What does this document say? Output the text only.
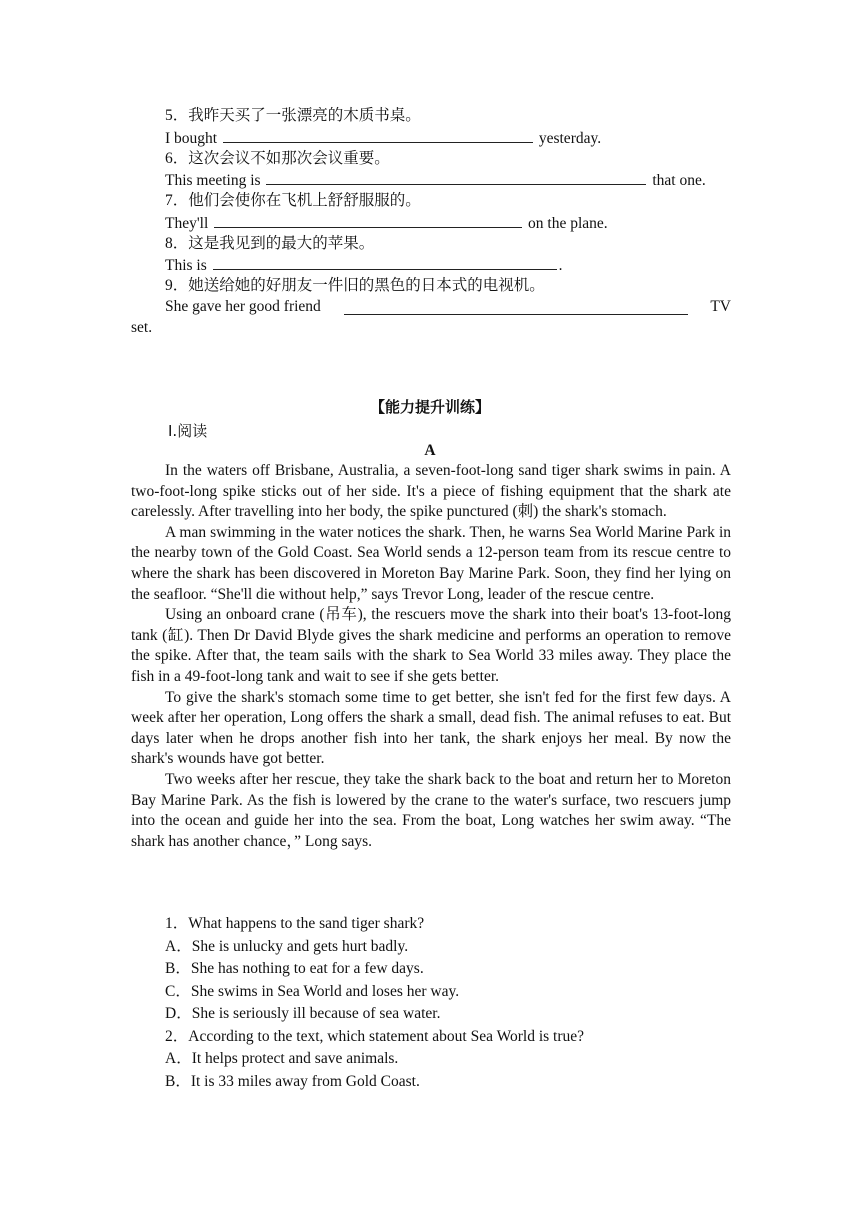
5．我昨天买了一张漂亮的木质书桌。
I bought	yesterday.
6．这次会议不如那次会议重要。
This meeting is	that one.
7．他们会使你在飞机上舒舒服服的。
They'll	on the plane.
8．这是我见到的最大的苹果。
This is	.
9．她送给她的好朋友一件旧的黑色的日本式的电视机。
She gave her good friend	TV
set.
【能力提升训练】
Ⅰ.阅读
A

In the waters off Brisbane, Australia, a seven-foot-long sand tiger shark swims in pain. A two-foot-long spike sticks out of her side. It's a piece of fishing equipment that the shark ate carelessly. After travelling into her body, the spike punctured (刺) the shark's stomach.

A man swimming in the water notices the shark. Then, he warns Sea World Marine Park in the nearby town of the Gold Coast. Sea World sends a 12-person team from its rescue centre to where the shark has been discovered in Moreton Bay Marine Park. Soon, they find her lying on the seafloor. “She'll die without help,” says Trevor Long, leader of the rescue centre.

Using an onboard crane (吊车), the rescuers move the shark into their boat's 13-foot-long tank (缸). Then Dr David Blyde gives the shark medicine and performs an operation to remove the spike. After that, the team sails with the shark to Sea World 33 miles away. They place the fish in a 49-foot-long tank and wait to see if she gets better.

To give the shark's stomach some time to get better, she isn't fed for the first few days. A week after her operation, Long offers the shark a small, dead fish. The animal refuses to eat. But days later when he drops another fish into her tank, the shark enjoys her meal. By now the shark's wounds have got better.

Two weeks after her rescue, they take the shark back to the boat and return her to Moreton Bay Marine Park. As the fish is lowered by the crane to the water's surface, two rescuers jump into the ocean and guide her into the sea. From the boat, Long watches her swim away. “The shark has another chance，” Long says.

1．What happens to the sand tiger shark?
A．She is unlucky and gets hurt badly.
B．She has nothing to eat for a few days.
C．She swims in Sea World and loses her way.
D．She is seriously ill because of sea water.
2．According to the text, which statement about Sea World is true?
A．It helps protect and save animals.
B．It is 33 miles away from Gold Coast.
